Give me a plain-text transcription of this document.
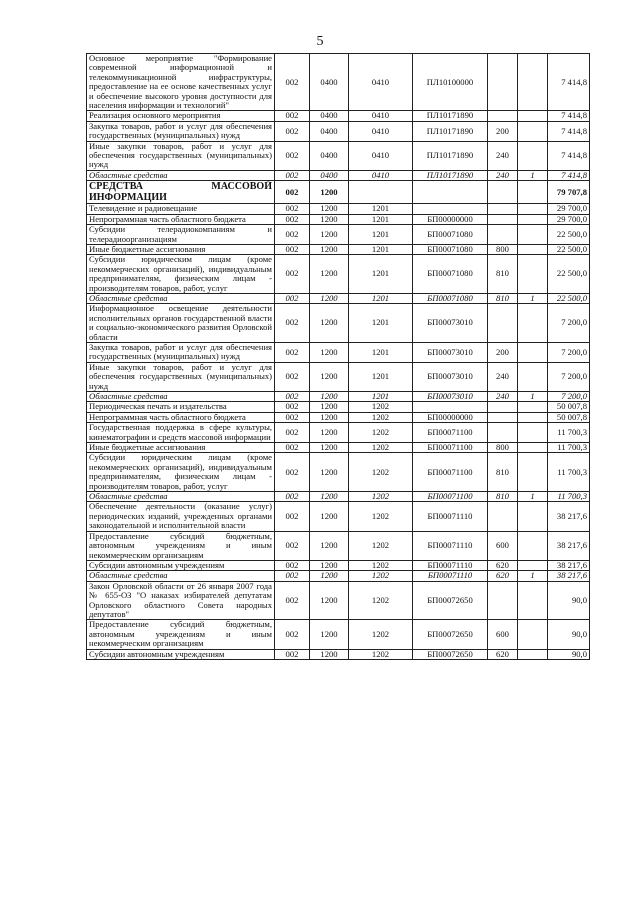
5
Основное мероприятие "Формирование современной информационной и телекоммуникационной инфраструктуры, предоставление на ее основе качественных услуг и обеспечение высокого уровня доступности для населения информации и технологий"	002	0400	0410	ПЛ10100000			7 414,8
Реализация основного мероприятия	002	0400	0410	ПЛ10171890			7 414,8
Закупка товаров, работ и услуг для обеспечения государственных (муниципальных) нужд	002	0400	0410	ПЛ10171890	200		7 414,8
Иные закупки товаров, работ и услуг для обеспечения государственных (муниципальных) нужд	002	0400	0410	ПЛ10171890	240		7 414,8
Областные средства	002	0400	0410	ПЛ10171890	240	1	7 414,8
СРЕДСТВА МАССОВОЙ ИНФОРМАЦИИ	002	1200					79 707,8
Телевидение и радиовещание	002	1200	1201				29 700,0
Непрограммная часть областного бюджета	002	1200	1201	БП00000000			29 700,0
Субсидии телерадиокомпаниям и телерадиоорганизациям	002	1200	1201	БП00071080			22 500,0
Иные бюджетные ассигнования	002	1200	1201	БП00071080	800		22 500,0
Субсидии юридическим лицам (кроме некоммерческих организаций), индивидуальным предпринимателям, физическим лицам - производителям товаров, работ, услуг	002	1200	1201	БП00071080	810		22 500,0
Областные средства	002	1200	1201	БП00071080	810	1	22 500,0
Информационное освещение деятельности исполнительных органов государственной власти и социально-экономического развития Орловской области	002	1200	1201	БП00073010			7 200,0
Закупка товаров, работ и услуг для обеспечения государственных (муниципальных) нужд	002	1200	1201	БП00073010	200		7 200,0
Иные закупки товаров, работ и услуг для обеспечения государственных (муниципальных) нужд	002	1200	1201	БП00073010	240		7 200,0
Областные средства	002	1200	1201	БП00073010	240	1	7 200,0
Периодическая печать и издательства	002	1200	1202				50 007,8
Непрограммная часть областного бюджета	002	1200	1202	БП00000000			50 007,8
Государственная поддержка в сфере культуры, кинематографии и средств массовой информации	002	1200	1202	БП00071100			11 700,3
Иные бюджетные ассигнования	002	1200	1202	БП00071100	800		11 700,3
Субсидии юридическим лицам (кроме некоммерческих организаций), индивидуальным предпринимателям, физическим лицам - производителям товаров, работ, услуг	002	1200	1202	БП00071100	810		11 700,3
Областные средства	002	1200	1202	БП00071100	810	1	11 700,3
Обеспечение деятельности (оказание услуг) периодических изданий, учрежденных органами законодательной и исполнительной власти	002	1200	1202	БП00071110			38 217,6
Предоставление субсидий бюджетным, автономным учреждениям и иным некоммерческим организациям	002	1200	1202	БП00071110	600		38 217,6
Субсидии автономным учреждениям	002	1200	1202	БП00071110	620		38 217,6
Областные средства	002	1200	1202	БП00071110	620	1	38 217,6
Закон Орловской области от 26 января 2007 года № 655-ОЗ "О наказах избирателей депутатам Орловского областного Совета народных депутатов"	002	1200	1202	БП00072650			90,0
Предоставление субсидий бюджетным, автономным учреждениям и иным некоммерческим организациям	002	1200	1202	БП00072650	600		90,0
Субсидии автономным учреждениям	002	1200	1202	БП00072650	620		90,0
